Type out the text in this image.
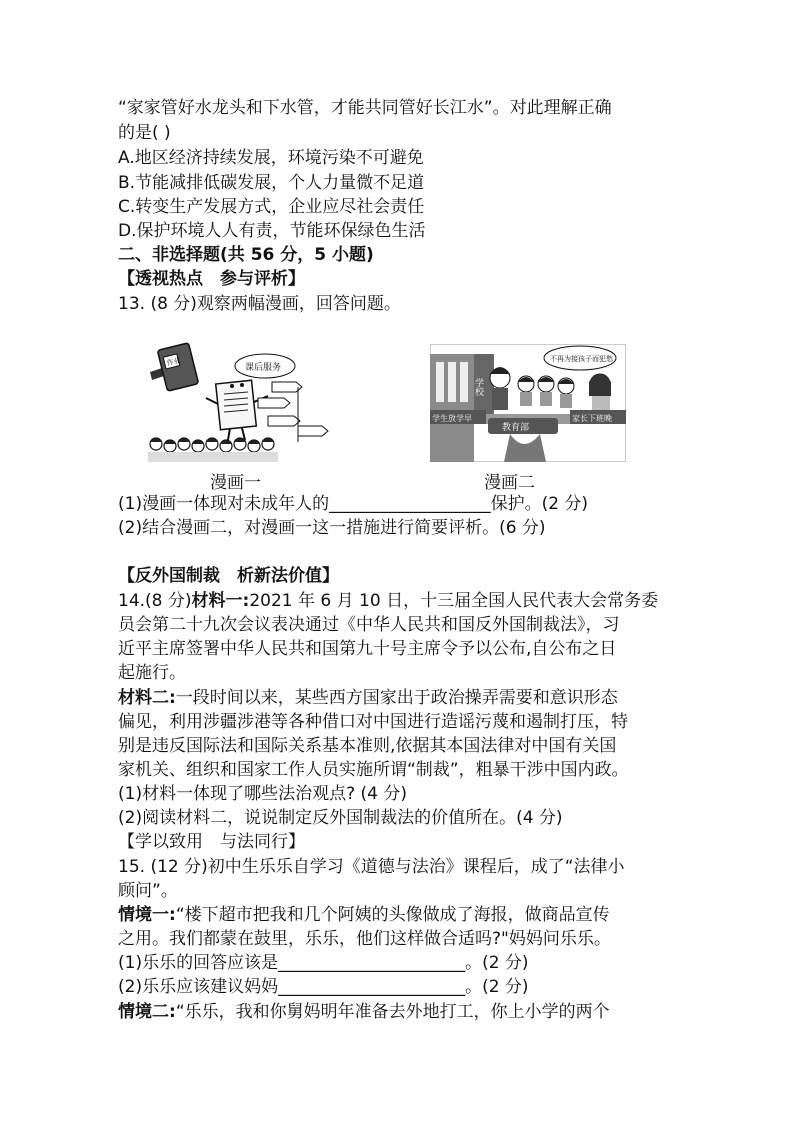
“家家管好水龙头和下水管，才能共同管好长江水”。对此理解正确
的是( )
A.地区经济持续发展，环境污染不可避免
B.节能减排低碳发展，个人力量微不足道
C.转变生产发展方式，企业应尽社会责任
D.保护环境人人有责，节能环保绿色生活
二、非选择题(共 56 分，5 小题)
【透视热点　参与评析】
13. (8 分)观察两幅漫画，回答问题。
作业
课后服务
漫画一
学校
不再为接孩子而犯愁
教育部
学生放学早	家长下班晚
漫画二
(1)漫画一体现对未成年人的___________________保护。(2 分)
(2)结合漫画二，对漫画一这一措施进行简要评析。(6 分)
【反外国制裁　析新法价值】
14.(8 分)材料一:2021 年 6 月 10 日，十三届全国人民代表大会常务委
员会第二十九次会议表决通过《中华人民共和国反外国制裁法》，习
近平主席签署中华人民共和国第九十号主席令予以公布,自公布之日
起施行。
材料二:一段时间以来，某些西方国家出于政治操弄需要和意识形态
偏见，利用涉疆涉港等各种借口对中国进行造谣污蔑和遏制打压，特
别是违反国际法和国际关系基本准则,依据其本国法律对中国有关国
家机关、组织和国家工作人员实施所谓“制裁”，粗暴干涉中国内政。
(1)材料一体现了哪些法治观点? (4 分)
(2)阅读材料二，说说制定反外国制裁法的价值所在。(4 分)
【学以致用　与法同行】
15. (12 分)初中生乐乐自学习《道德与法治》课程后，成了“法律小
顾问”。
情境一:“楼下超市把我和几个阿姨的头像做成了海报，做商品宣传
之用。我们都蒙在鼓里，乐乐，他们这样做合适吗?"妈妈问乐乐。
(1)乐乐的回答应该是______________________。(2 分)
(2)乐乐应该建议妈妈______________________。(2 分)
情境二:“乐乐，我和你舅妈明年准备去外地打工，你上小学的两个
